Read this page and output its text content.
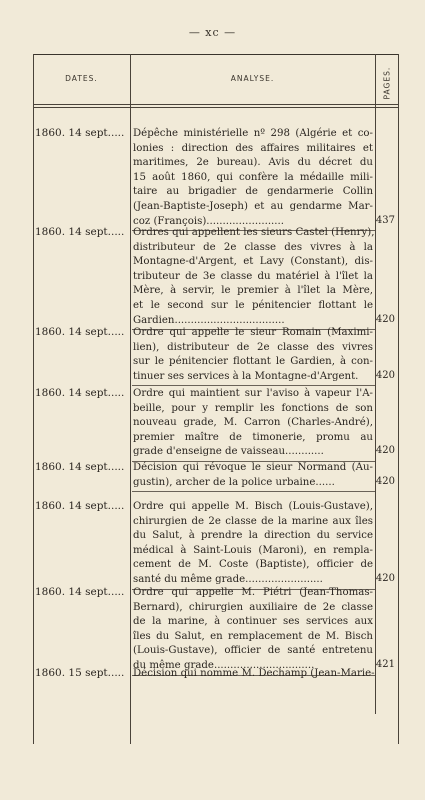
— xc —
DATES.	ANALYSE.	PAGES.
1860. 14 sept..... Dépêche ministérielle nº 298 (Algérie et co-
lonies : direction des affaires militaires et
maritimes, 2e bureau). Avis du décret du
15 août 1860, qui confère la médaille mili-
taire au brigadier de gendarmerie Collin
(Jean-Baptiste-Joseph) et au gendarme Mar-
coz (François)........................	437
1860. 14 sept..... Ordres qui appellent les sieurs Castel (Henry),
distributeur de 2e classe des vivres à la
Montagne-d'Argent, et Lavy (Constant), dis-
tributeur de 3e classe du matériel à l'îlet la
Mère, à servir, le premier à l'îlet la Mère,
et le second sur le pénitencier flottant le
Gardien..................................	420
1860. 14 sept..... Ordre qui appelle le sieur Romain (Maximi-
lien), distributeur de 2e classe des vivres
sur le pénitencier flottant le Gardien, à con-
tinuer ses services à la Montagne-d'Argent.	420
1860. 14 sept..... Ordre qui maintient sur l'aviso à vapeur l'A-
beille, pour y remplir les fonctions de son
nouveau grade, M. Carron (Charles-André),
premier maître de timonerie, promu au
grade d'enseigne de vaisseau............	420
1860. 14 sept..... Décision qui révoque le sieur Normand (Au-
gustin), archer de la police urbaine......	420
1860. 14 sept..... Ordre qui appelle M. Bisch (Louis-Gustave),
chirurgien de 2e classe de la marine aux îles
du Salut, à prendre la direction du service
médical à Saint-Louis (Maroni), en rempla-
cement de M. Coste (Baptiste), officier de
santé du même grade........................	420
1860. 14 sept..... Ordre qui appelle M. Piétri (Jean-Thomas-
Bernard), chirurgien auxiliaire de 2e classe
de la marine, à continuer ses services aux
îles du Salut, en remplacement de M. Bisch
(Louis-Gustave), officier de santé entretenu
du même grade...............................	421
1860. 15 sept..... Décision qui nomme M. Dechamp (Jean-Marie-
